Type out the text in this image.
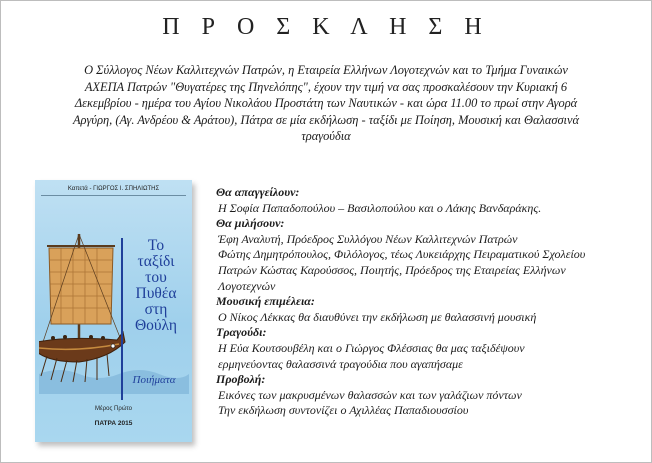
Π Ρ Ο Σ Κ Λ Η Σ Η
Ο Σύλλογος Νέων Καλλιτεχνών Πατρών, η Εταιρεία Ελλήνων Λογοτεχνών και το Τμήμα Γυναικών
ΑΧΕΠΑ Πατρών "Θυγατέρες της Πηνελόπης", έχουν την τιμή να σας προσκαλέσουν την Κυριακή 6
Δεκεμβρίου - ημέρα του Αγίου Νικολάου Προστάτη των Ναυτικών - και ώρα 11.00 το πρωί στην Αγορά
Αργύρη, (Αγ. Ανδρέου & Αράτου), Πάτρα σε μία εκδήλωση - ταξίδι με Ποίηση, Μουσική και Θαλασσινά
τραγούδια
Καπετά - ΓΙΩΡΓΟΣ Ι. ΣΠΗΛΙΩΤΗΣ
Το
ταξίδι
του
Πυθέα
στη
Θούλη
Ποιήματα
Μέρος Πρώτο
ΠΑΤΡΑ 2015
Θα απαγγείλουν:
Η Σοφία Παπαδοπούλου – Βασιλοπούλου και ο Λάκης Βανδαράκης.
Θα μιλήσουν:
Έφη Αναλυτή, Πρόεδρος Συλλόγου Νέων Καλλιτεχνών Πατρών
Φώτης Δημητρόπουλος, Φιλόλογος, τέως Λυκειάρχης Πειραματικού Σχολείου
Πατρών Κώστας Καρούσσος, Ποιητής, Πρόεδρος της Εταιρείας Ελλήνων
Λογοτεχνών
Μουσική επιμέλεια:
Ο Νίκος Λέκκας θα διαυθύνει την εκδήλωση με θαλασσινή μουσική
Τραγούδι:
Η Εύα Κουτσουβέλη και ο Γιώργος Φλέσσιας θα μας ταξιδέψουν
ερμηνεύοντας θαλασσινά τραγούδια που αγαπήσαμε
Προβολή:
Εικόνες των μακρυσμένων θαλασσών και των γαλάζιων πόντων
Την εκδήλωση συντονίζει ο Αχιλλέας Παπαδιουσσίου
